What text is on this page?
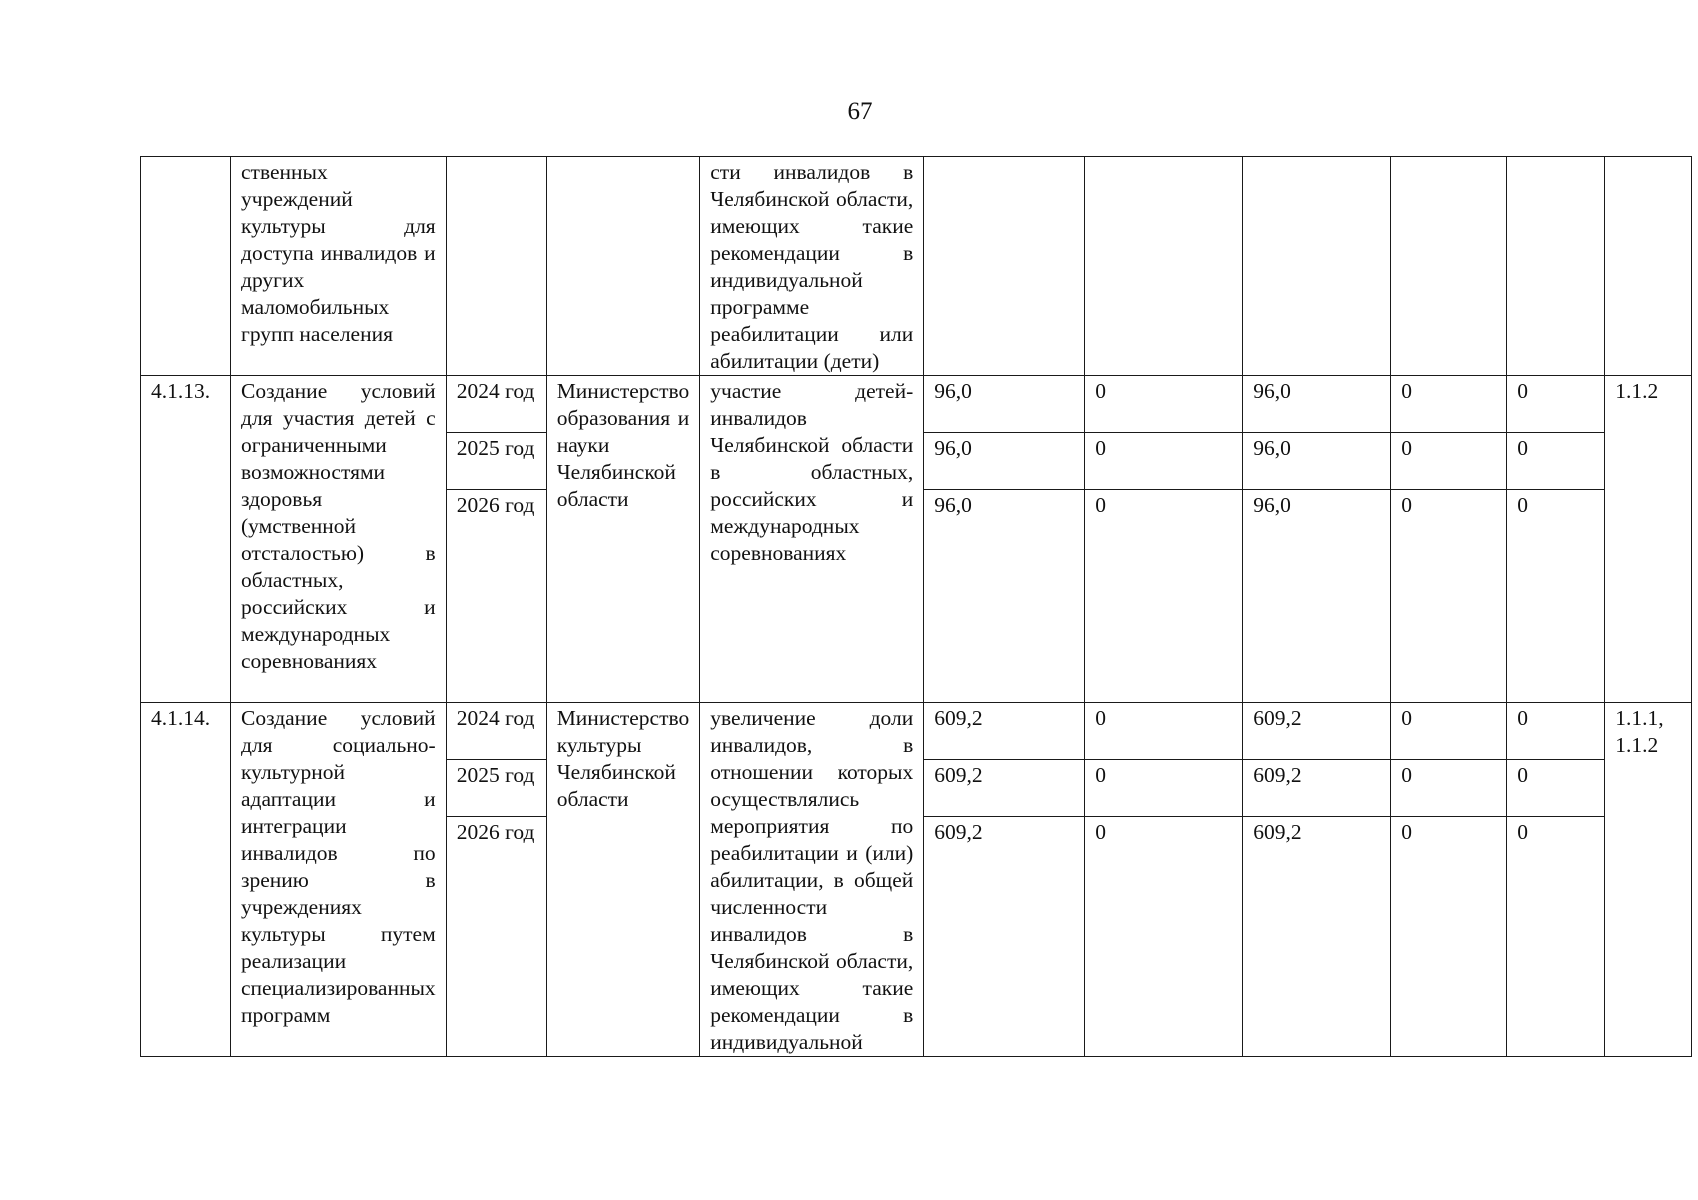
67
	ственных учреждений культуры для доступа инвалидов и других маломобильных групп населения			сти инвалидов в Челябинской области, имеющих такие рекомендации в индивидуальной программе реабилитации или абилитации (дети)						
4.1.13.	Создание условий для участия детей с ограниченными возможностями здоровья (умственной отсталостью) в областных, российских и международных соревнованиях	2024 год	Министерство образования и науки Челябинской области	участие детей-инвалидов Челябинской области в областных, российских и международных соревнованиях	96,0	0	96,0	0	0	1.1.2
		2025 год			96,0	0	96,0	0	0	
		2026 год			96,0	0	96,0	0	0	
4.1.14.	Создание условий для социально-культурной адаптации и интеграции инвалидов по зрению в учреждениях культуры путем реализации специализированных программ	2024 год	Министерство культуры Челябинской области	увеличение доли инвалидов, в отношении которых осуществлялись мероприятия по реабилитации и (или) абилитации, в общей численности инвалидов в Челябинской области, имеющих такие рекомендации в индивидуальной	609,2	0	609,2	0	0	1.1.1, 1.1.2
		2025 год			609,2	0	609,2	0	0	
		2026 год			609,2	0	609,2	0	0	
